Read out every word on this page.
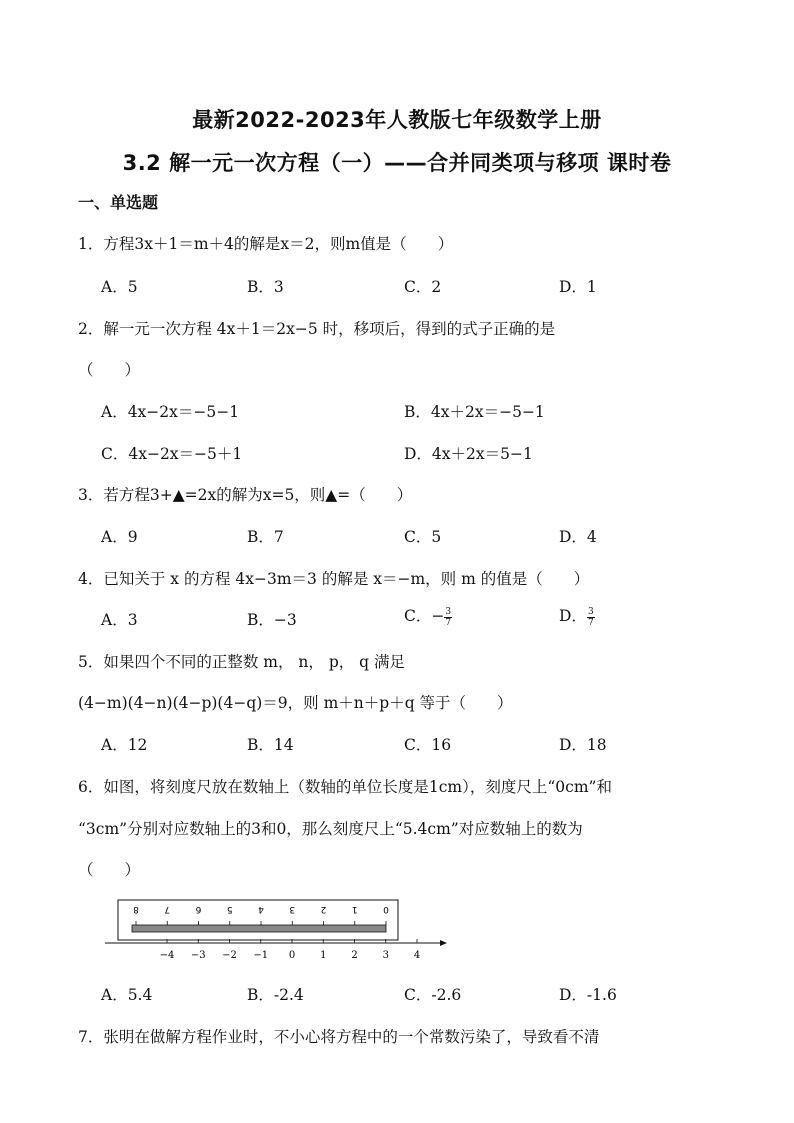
最新2022-2023年人教版七年级数学上册
3.2 解一元一次方程（一）——合并同类项与移项 课时卷
一、单选题
1．方程3x＋1＝m＋4的解是x＝2，则m值是（　　）
A．5	B．3	C．2	D．1
2．解一元一次方程 4x＋1＝2x−5 时，移项后，得到的式子正确的是
（　　）
A．4x−2x＝−5−1	B．4x＋2x＝−5−1
C．4x−2x＝−5＋1	D．4x＋2x＝5−1
3．若方程3+▲=2x的解为x=5，则▲=（　　）
A．9	B．7	C．5	D．4
4．已知关于 x 的方程 4x−3m＝3 的解是 x＝−m，则 m 的值是（　　）
A．3	B．−3	C．− $\frac{3}{7}$	D． $\frac{3}{7}$
5．如果四个不同的正整数 m， n， p， q 满足
(4−m)(4−n)(4−p)(4−q)＝9，则 m＋n＋p＋q 等于（　　）
A．12	B．14	C．16	D．18
6．如图，将刻度尺放在数轴上（数轴的单位长度是1cm），刻度尺上“0cm”和
“3cm”分别对应数轴上的3和0，那么刻度尺上“5.4cm”对应数轴上的数为
（　　）
8	7	6	5	4	3	2	1	0
−4 −3 −2 −1 0 1 2 3 4
A．5.4	B．-2.4	C．-2.6	D．-1.6
7．张明在做解方程作业时，不小心将方程中的一个常数污染了，导致看不清
